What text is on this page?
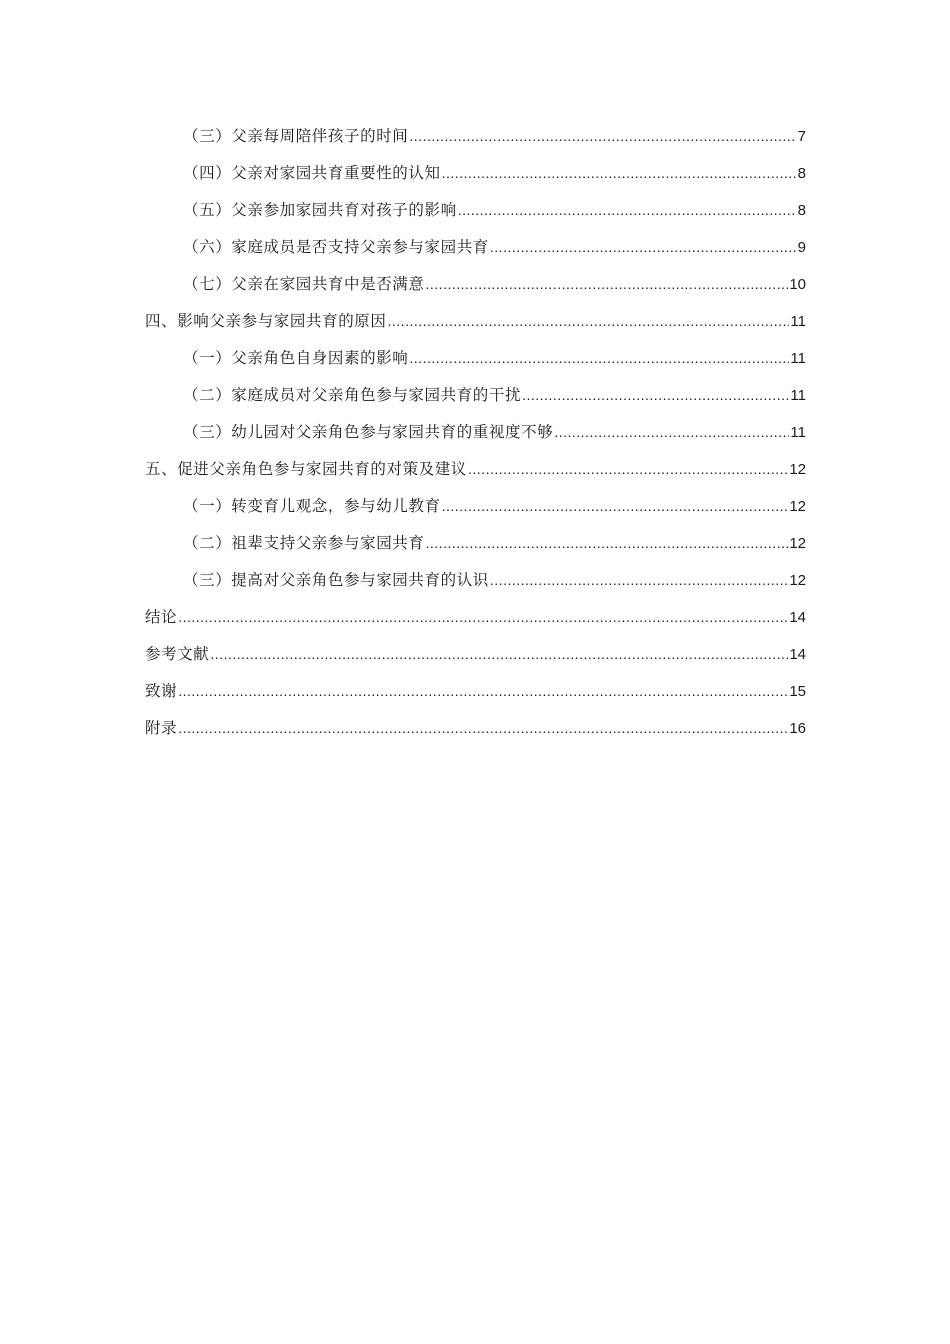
（三）父亲每周陪伴孩子的时间 .....	7
（四）父亲对家园共育重要性的认知 .....	8
（五）父亲参加家园共育对孩子的影响 .....	8
（六）家庭成员是否支持父亲参与家园共育 .....	9
（七）父亲在家园共育中是否满意 .....	10
四、影响父亲参与家园共育的原因 .....	11
（一）父亲角色自身因素的影响 .....	11
（二）家庭成员对父亲角色参与家园共育的干扰 .....	11
（三）幼儿园对父亲角色参与家园共育的重视度不够 .....	11
五、促进父亲角色参与家园共育的对策及建议 .....	12
（一）转变育儿观念，参与幼儿教育 .....	12
（二）祖辈支持父亲参与家园共育 .....	12
（三）提高对父亲角色参与家园共育的认识 .....	12
结论 .....	14
参考文献 .....	14
致谢 .....	15
附录 .....	16
